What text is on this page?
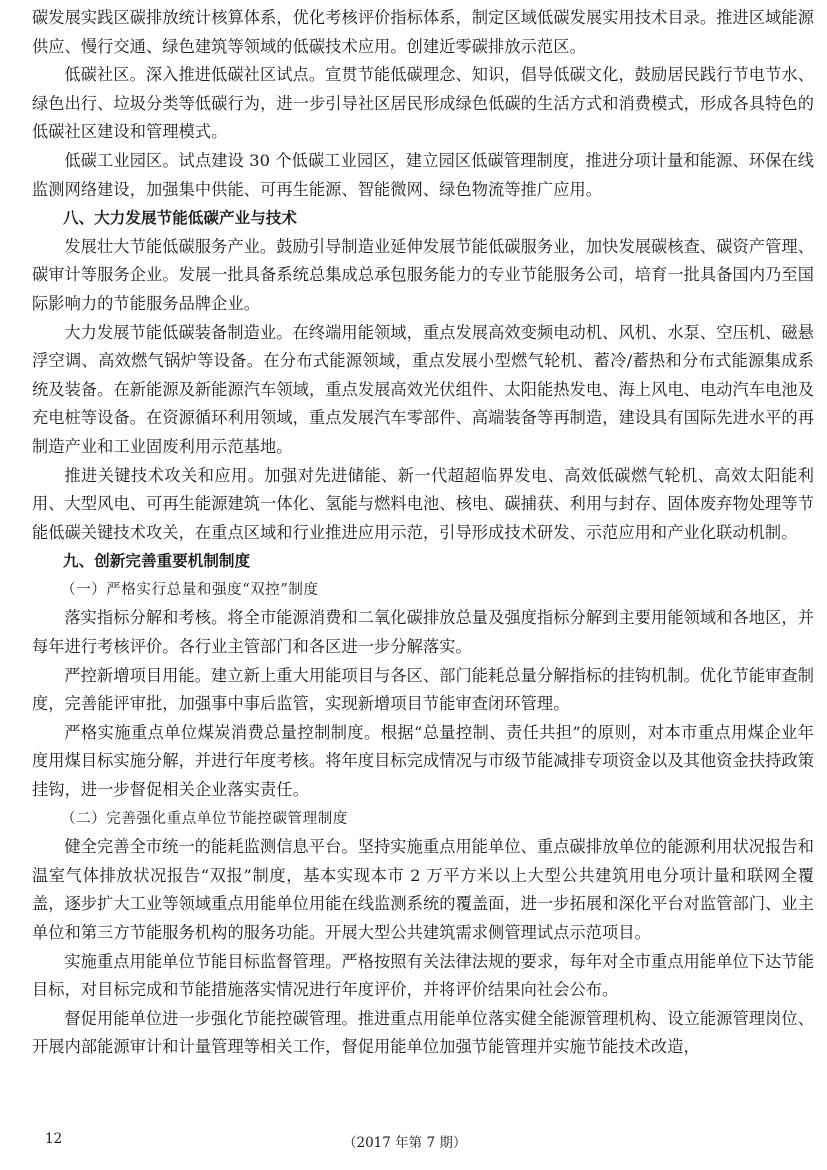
碳发展实践区碳排放统计核算体系，优化考核评价指标体系，制定区域低碳发展实用技术目录。推进区域能源供应、慢行交通、绿色建筑等领域的低碳技术应用。创建近零碳排放示范区。

低碳社区。深入推进低碳社区试点。宣贯节能低碳理念、知识，倡导低碳文化，鼓励居民践行节电节水、绿色出行、垃圾分类等低碳行为，进一步引导社区居民形成绿色低碳的生活方式和消费模式，形成各具特色的低碳社区建设和管理模式。

低碳工业园区。试点建设 30 个低碳工业园区，建立园区低碳管理制度，推进分项计量和能源、环保在线监测网络建设，加强集中供能、可再生能源、智能微网、绿色物流等推广应用。

八、大力发展节能低碳产业与技术

发展壮大节能低碳服务产业。鼓励引导制造业延伸发展节能低碳服务业，加快发展碳核查、碳资产管理、碳审计等服务企业。发展一批具备系统总集成总承包服务能力的专业节能服务公司，培育一批具备国内乃至国际影响力的节能服务品牌企业。

大力发展节能低碳装备制造业。在终端用能领域，重点发展高效变频电动机、风机、水泵、空压机、磁悬浮空调、高效燃气锅炉等设备。在分布式能源领域，重点发展小型燃气轮机、蓄冷/蓄热和分布式能源集成系统及装备。在新能源及新能源汽车领域，重点发展高效光伏组件、太阳能热发电、海上风电、电动汽车电池及充电桩等设备。在资源循环利用领域，重点发展汽车零部件、高端装备等再制造，建设具有国际先进水平的再制造产业和工业固废利用示范基地。

推进关键技术攻关和应用。加强对先进储能、新一代超超临界发电、高效低碳燃气轮机、高效太阳能利用、大型风电、可再生能源建筑一体化、氢能与燃料电池、核电、碳捕获、利用与封存、固体废弃物处理等节能低碳关键技术攻关，在重点区域和行业推进应用示范，引导形成技术研发、示范应用和产业化联动机制。

九、创新完善重要机制制度

（一）严格实行总量和强度“双控”制度

落实指标分解和考核。将全市能源消费和二氧化碳排放总量及强度指标分解到主要用能领域和各地区，并每年进行考核评价。各行业主管部门和各区进一步分解落实。

严控新增项目用能。建立新上重大用能项目与各区、部门能耗总量分解指标的挂钩机制。优化节能审查制度，完善能评审批，加强事中事后监管，实现新增项目节能审查闭环管理。

严格实施重点单位煤炭消费总量控制制度。根据“总量控制、责任共担”的原则，对本市重点用煤企业年度用煤目标实施分解，并进行年度考核。将年度目标完成情况与市级节能减排专项资金以及其他资金扶持政策挂钩，进一步督促相关企业落实责任。

（二）完善强化重点单位节能控碳管理制度

健全完善全市统一的能耗监测信息平台。坚持实施重点用能单位、重点碳排放单位的能源利用状况报告和温室气体排放状况报告“双报”制度，基本实现本市 2 万平方米以上大型公共建筑用电分项计量和联网全覆盖，逐步扩大工业等领域重点用能单位用能在线监测系统的覆盖面，进一步拓展和深化平台对监管部门、业主单位和第三方节能服务机构的服务功能。开展大型公共建筑需求侧管理试点示范项目。

实施重点用能单位节能目标监督管理。严格按照有关法律法规的要求，每年对全市重点用能单位下达节能目标，对目标完成和节能措施落实情况进行年度评价，并将评价结果向社会公布。

督促用能单位进一步强化节能控碳管理。推进重点用能单位落实健全能源管理机构、设立能源管理岗位、开展内部能源审计和计量管理等相关工作，督促用能单位加强节能管理并实施节能技术改造，

12	（2017 年第 7 期）
